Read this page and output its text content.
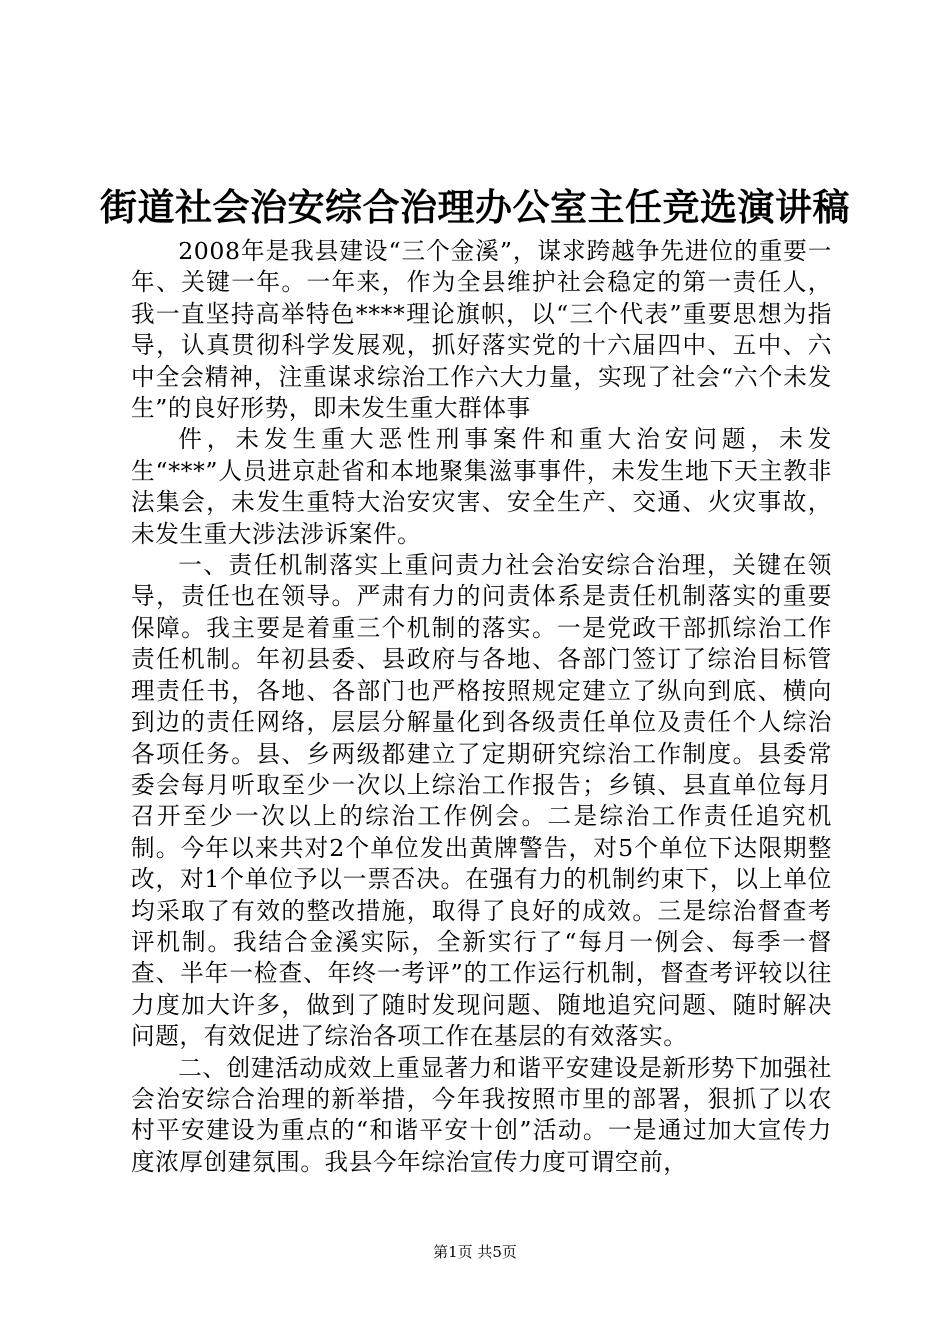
街道社会治安综合治理办公室主任竞选演讲稿

2008年是我县建设“三个金溪”，谋求跨越争先进位的重要一年、关键一年。一年来，作为全县维护社会稳定的第一责任人，我一直坚持高举特色****理论旗帜，以“三个代表”重要思想为指导，认真贯彻科学发展观，抓好落实党的十六届四中、五中、六中全会精神，注重谋求综治工作六大力量，实现了社会“六个未发生”的良好形势，即未发生重大群体事

件，未发生重大恶性刑事案件和重大治安问题，未发生“***”人员进京赴省和本地聚集滋事事件，未发生地下天主教非法集会，未发生重特大治安灾害、安全生产、交通、火灾事故，未发生重大涉法涉诉案件。

一、责任机制落实上重问责力社会治安综合治理，关键在领导，责任也在领导。严肃有力的问责体系是责任机制落实的重要保障。我主要是着重三个机制的落实。一是党政干部抓综治工作责任机制。年初县委、县政府与各地、各部门签订了综治目标管理责任书，各地、各部门也严格按照规定建立了纵向到底、横向到边的责任网络，层层分解量化到各级责任单位及责任个人综治各项任务。县、乡两级都建立了定期研究综治工作制度。县委常委会每月听取至少一次以上综治工作报告；乡镇、县直单位每月召开至少一次以上的综治工作例会。二是综治工作责任追究机制。今年以来共对2个单位发出黄牌警告，对5个单位下达限期整改，对1个单位予以一票否决。在强有力的机制约束下，以上单位均采取了有效的整改措施，取得了良好的成效。三是综治督查考评机制。我结合金溪实际，全新实行了“每月一例会、每季一督查、半年一检查、年终一考评”的工作运行机制，督查考评较以往力度加大许多，做到了随时发现问题、随地追究问题、随时解决问题，有效促进了综治各项工作在基层的有效落实。

二、创建活动成效上重显著力和谐平安建设是新形势下加强社会治安综合治理的新举措，今年我按照市里的部署，狠抓了以农村平安建设为重点的“和谐平安十创”活动。一是通过加大宣传力度浓厚创建氛围。我县今年综治宣传力度可谓空前，

第1页 共5页
